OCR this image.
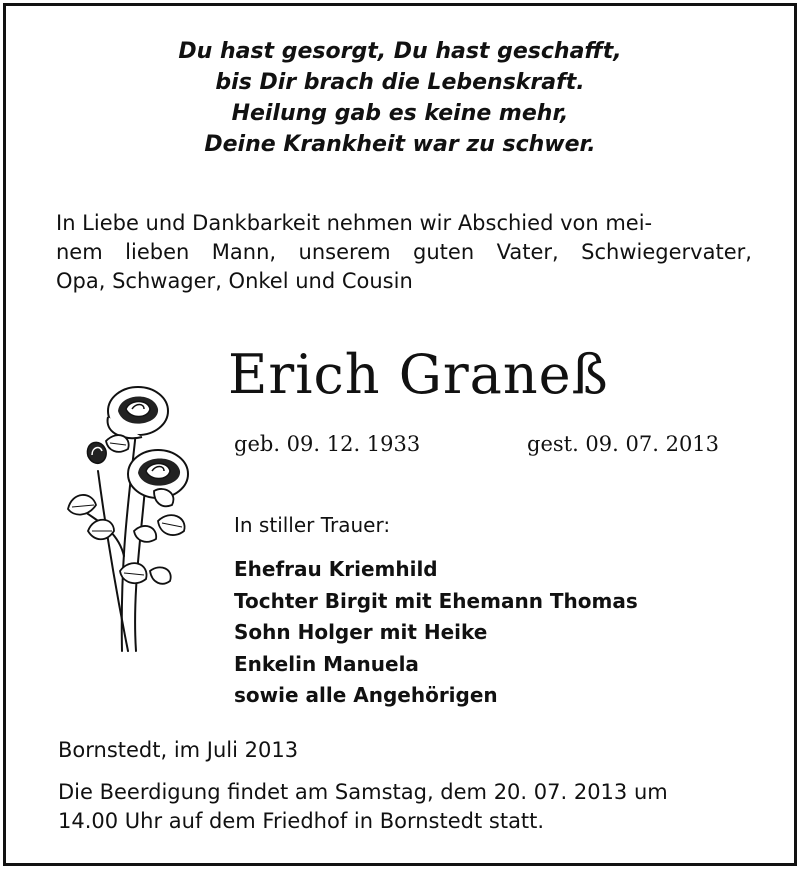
Du hast gesorgt, Du hast geschafft,
bis Dir brach die Lebenskraft.
Heilung gab es keine mehr,
Deine Krankheit war zu schwer.
In Liebe und Dankbarkeit nehmen wir Abschied von mei-
nem lieben Mann, unserem guten Vater, Schwiegervater,
Opa, Schwager, Onkel und Cousin
Erich Graneß
geb. 09. 12. 1933	gest. 09. 07. 2013
In stiller Trauer:
Ehefrau Kriemhild
Tochter Birgit mit Ehemann Thomas
Sohn Holger mit Heike
Enkelin Manuela
sowie alle Angehörigen
Bornstedt, im Juli 2013
Die Beerdigung findet am Samstag, dem 20. 07. 2013 um
14.00 Uhr auf dem Friedhof in Bornstedt statt.
